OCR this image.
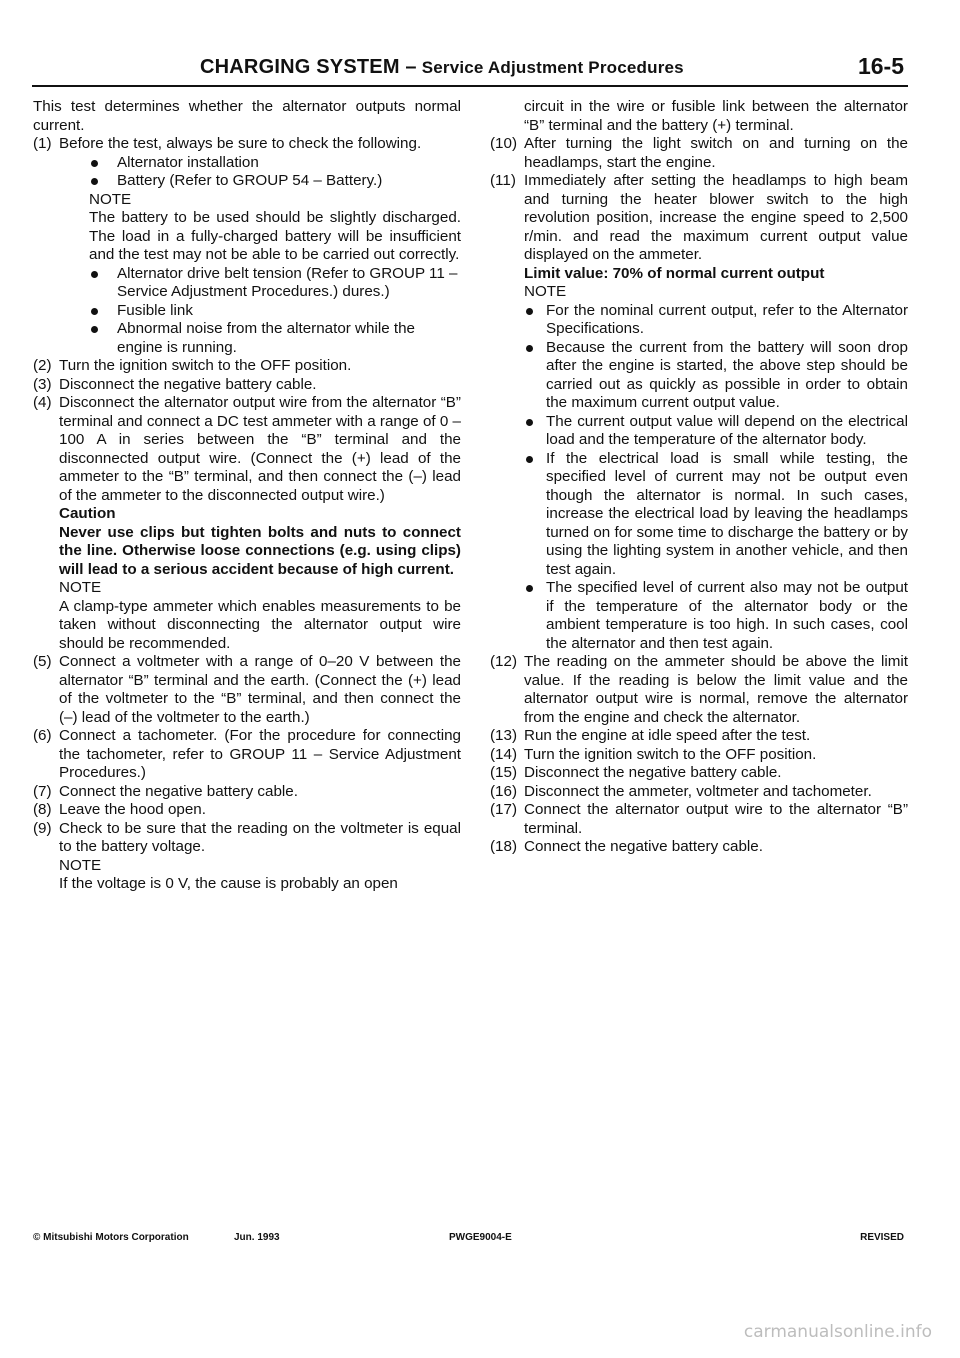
CHARGING SYSTEM – Service Adjustment Procedures	16-5

This test determines whether the alternator outputs normal current.

(1) Before the test, always be sure to check the following.

Alternator installation

Battery (Refer to GROUP 54 – Battery.)

NOTE

The battery to be used should be slightly discharged. The load in a fully-charged battery will be insufficient and the test may not be able to be carried out correctly.

Alternator drive belt tension (Refer to GROUP 11 – Service Adjustment Procedures.) dures.)

Fusible link

Abnormal noise from the alternator while the engine is running.

(2) Turn the ignition switch to the OFF position.

(3) Disconnect the negative battery cable.

(4) Disconnect the alternator output wire from the alternator “B” terminal and connect a DC test ammeter with a range of 0 – 100 A in series between the “B” terminal and the disconnected output wire. (Connect the (+) lead of the ammeter to the “B” terminal, and then connect the (–) lead of the ammeter to the disconnected output wire.)

Caution

Never use clips but tighten bolts and nuts to connect the line. Otherwise loose connections (e.g. using clips) will lead to a serious accident because of high current.

NOTE

A clamp-type ammeter which enables measurements to be taken without disconnecting the alternator output wire should be recommended.

(5) Connect a voltmeter with a range of 0–20 V between the alternator “B” terminal and the earth. (Connect the (+) lead of the voltmeter to the “B” terminal, and then connect the (–) lead of the voltmeter to the earth.)

(6) Connect a tachometer. (For the procedure for connecting the tachometer, refer to GROUP 11 – Service Adjustment Procedures.)

(7) Connect the negative battery cable.

(8) Leave the hood open.

(9) Check to be sure that the reading on the voltmeter is equal to the battery voltage.

NOTE

If the voltage is 0 V, the cause is probably an open

circuit in the wire or fusible link between the alternator “B” terminal and the battery (+) terminal.

(10) After turning the light switch on and turning on the headlamps, start the engine.

(11) Immediately after setting the headlamps to high beam and turning the heater blower switch to the high revolution position, increase the engine speed to 2,500 r/min. and read the maximum current output value displayed on the ammeter.

Limit value: 70% of normal current output

NOTE

For the nominal current output, refer to the Alternator Specifications.

Because the current from the battery will soon drop after the engine is started, the above step should be carried out as quickly as possible in order to obtain the maximum current output value.

The current output value will depend on the electrical load and the temperature of the alternator body.

If the electrical load is small while testing, the specified level of current may not be output even though the alternator is normal. In such cases, increase the electrical load by leaving the headlamps turned on for some time to discharge the battery or by using the lighting system in another vehicle, and then test again.

The specified level of current also may not be output if the temperature of the alternator body or the ambient temperature is too high. In such cases, cool the alternator and then test again.

(12) The reading on the ammeter should be above the limit value. If the reading is below the limit value and the alternator output wire is normal, remove the alternator from the engine and check the alternator.

(13) Run the engine at idle speed after the test.

(14) Turn the ignition switch to the OFF position.

(15) Disconnect the negative battery cable.

(16) Disconnect the ammeter, voltmeter and tachometer.

(17) Connect the alternator output wire to the alternator “B” terminal.

(18) Connect the negative battery cable.

© Mitsubishi Motors Corporation	Jun. 1993	PWGE9004-E	REVISED
carmanualsonline.info
